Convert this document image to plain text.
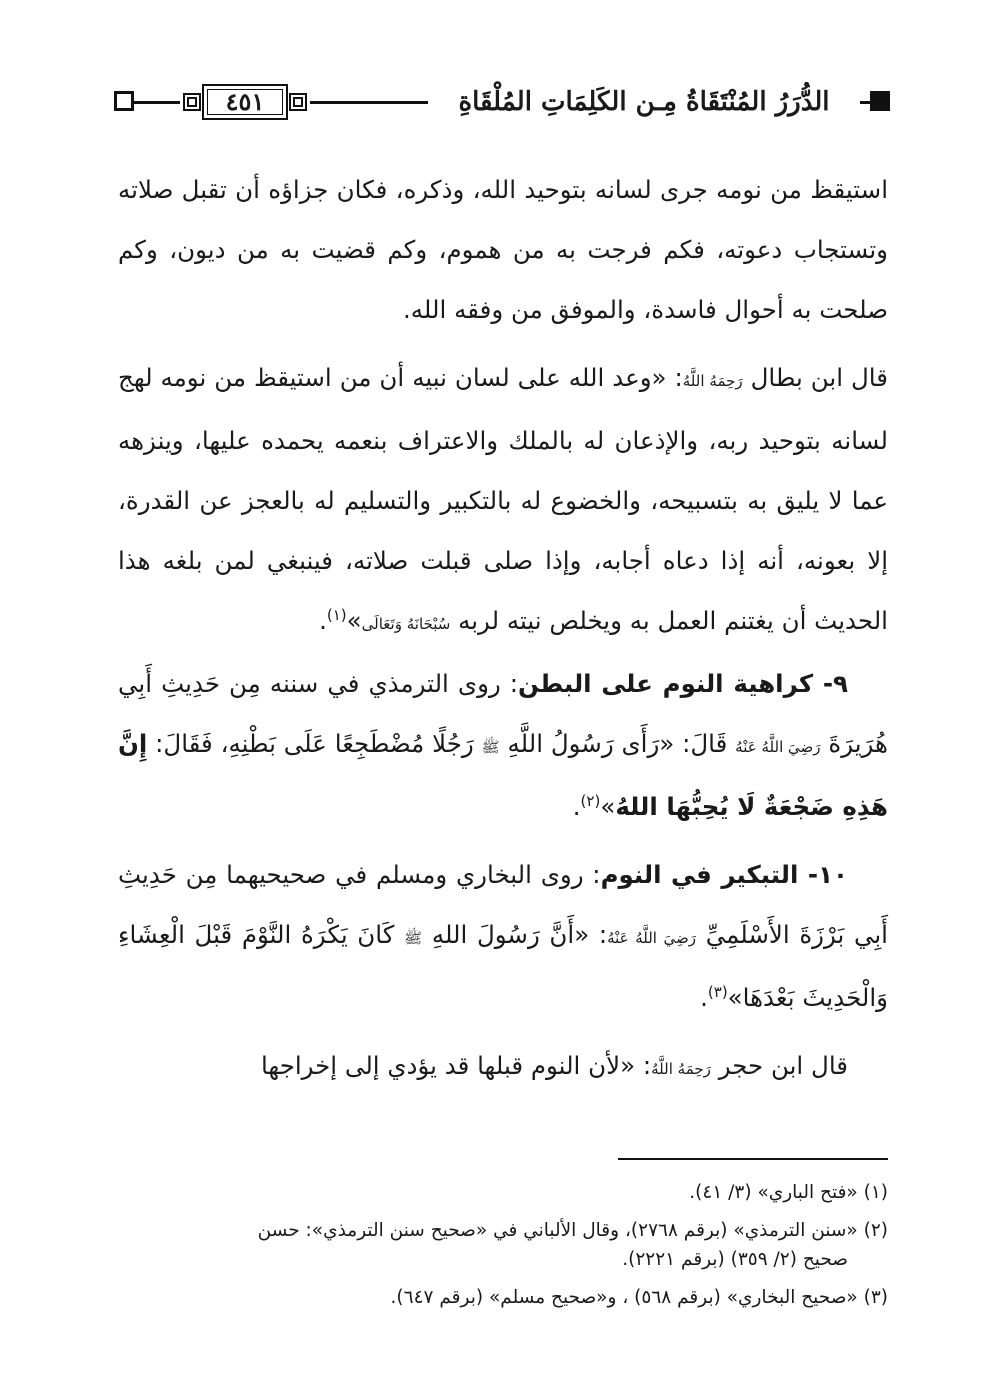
٤٥١	الدُّرَرُ المُنْتَقَاةُ مِـن الكَلِمَاتِ المُلْقَاةِ

استيقظ من نومه جرى لسانه بتوحيد الله، وذكره، فكان جزاؤه أن تقبل صلاته وتستجاب دعوته، فكم فرجت به من هموم، وكم قضيت به من ديون، وكم صلحت به أحوال فاسدة، والموفق من وفقه الله.

قال ابن بطال رَحِمَهُ اللَّهُ: «وعد الله على لسان نبيه أن من استيقظ من نومه لهج لسانه بتوحيد ربه، والإذعان له بالملك والاعتراف بنعمه يحمده عليها، وينزهه عما لا يليق به بتسبيحه، والخضوع له بالتكبير والتسليم له بالعجز عن القدرة، إلا بعونه، أنه إذا دعاه أجابه، وإذا صلى قبلت صلاته، فينبغي لمن بلغه هذا الحديث أن يغتنم العمل به ويخلص نيته لربه سُبْحَانَهُ وَتَعَالَى»$^{(١)}$.

٩- كراهية النوم على البطن: روى الترمذي في سننه مِن حَدِيثِ أَبِي هُرَيرَةَ رَضِيَ اللَّهُ عَنْهُ قَالَ: «رَأَى رَسُولُ اللَّهِ ﷺ رَجُلًا مُضْطَجِعًا عَلَى بَطْنِهِ، فَقَالَ: إِنَّ هَذِهِ ضَجْعَةٌ لَا يُحِبُّهَا اللهُ»$^{(٢)}$.

١٠- التبكير في النوم: روى البخاري ومسلم في صحيحيهما مِن حَدِيثِ أَبِي بَرْزَةَ الأَسْلَمِيِّ رَضِيَ اللَّهُ عَنْهُ: «أَنَّ رَسُولَ اللهِ ﷺ كَانَ يَكْرَهُ النَّوْمَ قَبْلَ الْعِشَاءِ وَالْحَدِيثَ بَعْدَهَا»$^{(٣)}$.

قال ابن حجر رَحِمَهُ اللَّهُ: «لأن النوم قبلها قد يؤدي إلى إخراجها

(١) «فتح الباري» (٣/ ٤١).

(٢) «سنن الترمذي» (برقم ٢٧٦٨)، وقال الألباني في «صحيح سنن الترمذي»: حسن
صحيح (٢/ ٣٥٩) (برقم ٢٢٢١).

(٣) «صحيح البخاري» (برقم ٥٦٨) ، و«صحيح مسلم» (برقم ٦٤٧).
